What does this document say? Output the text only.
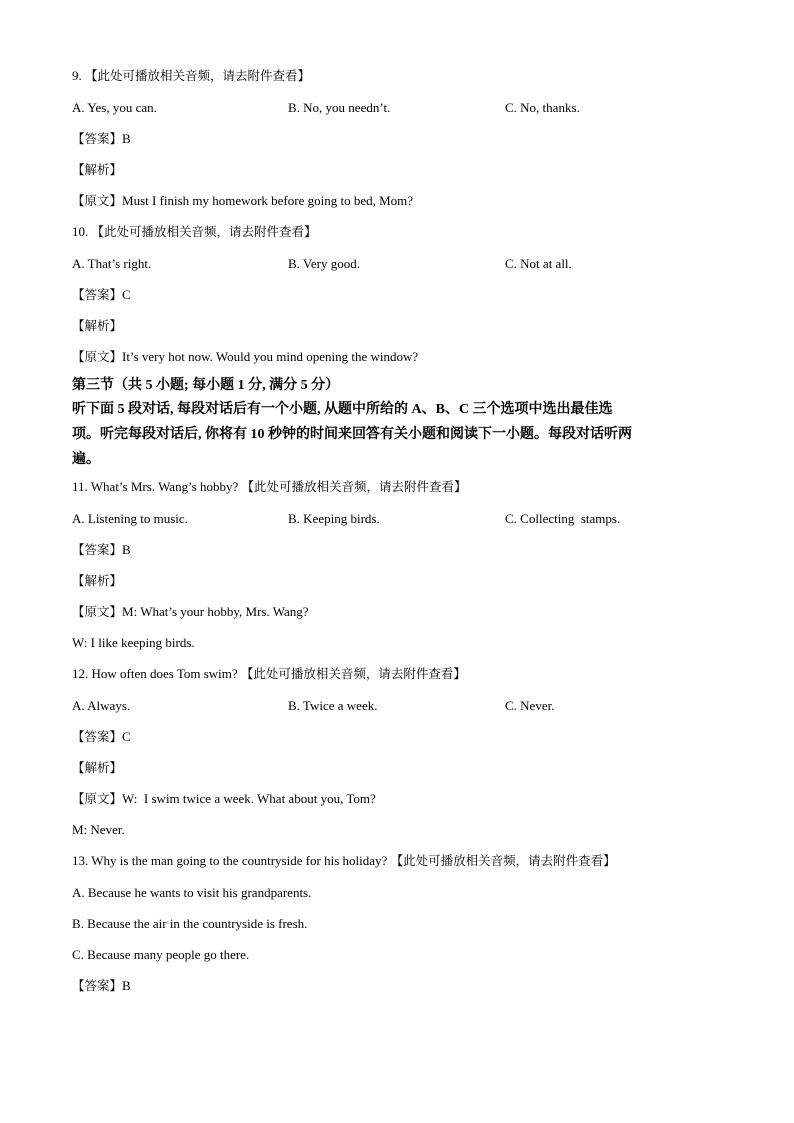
9. 【此处可播放相关音频，请去附件查看】
A. Yes, you can.	B. No, you needn’t.	C. No, thanks.
【答案】B
【解析】
【原文】Must I finish my homework before going to bed, Mom?
10. 【此处可播放相关音频，请去附件查看】
A. That’s right.	B. Very good.	C. Not at all.
【答案】C
【解析】
【原文】It’s very hot now. Would you mind opening the window?
第三节（共 5 小题; 每小题 1 分, 满分 5 分）
听下面 5 段对话, 每段对话后有一个小题, 从题中所给的 A、B、C 三个选项中选出最佳选
项。听完每段对话后, 你将有 10 秒钟的时间来回答有关小题和阅读下一小题。每段对话听两
遍。
11. What’s Mrs. Wang’s hobby? 【此处可播放相关音频，请去附件查看】
A. Listening to music.	B. Keeping birds.	C. Collecting  stamps.
【答案】B
【解析】
【原文】M: What’s your hobby, Mrs. Wang?
W: I like keeping birds.
12. How often does Tom swim? 【此处可播放相关音频，请去附件查看】
A. Always.	B. Twice a week.	C. Never.
【答案】C
【解析】
【原文】W:  I swim twice a week. What about you, Tom?
M: Never.
13. Why is the man going to the countryside for his holiday? 【此处可播放相关音频，请去附件查看】
A. Because he wants to visit his grandparents.
B. Because the air in the countryside is fresh.
C. Because many people go there.
【答案】B
